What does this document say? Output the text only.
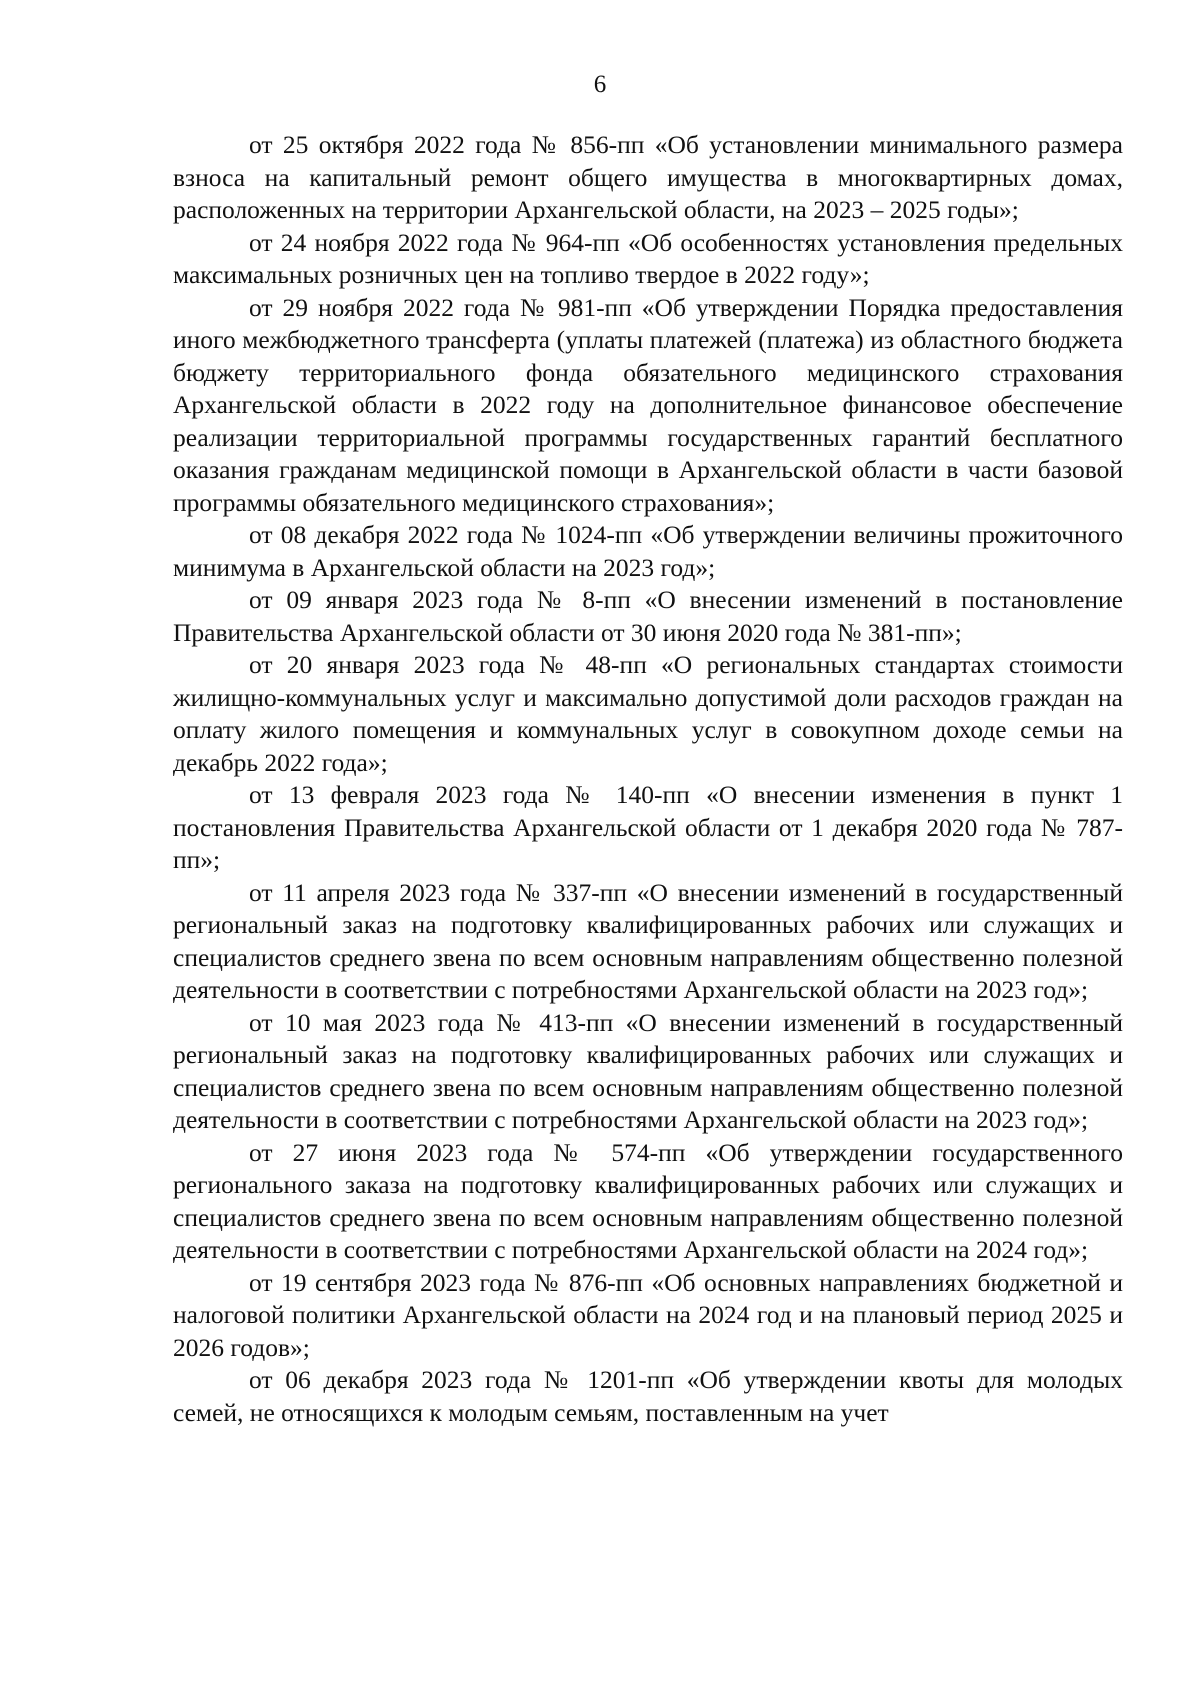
6

от 25 октября 2022 года № 856-пп «Об установлении минимального размера взноса на капитальный ремонт общего имущества в многоквартирных домах, расположенных на территории Архангельской области, на 2023 – 2025 годы»;

от 24 ноября 2022 года № 964-пп «Об особенностях установления предельных максимальных розничных цен на топливо твердое в 2022 году»;

от 29 ноября 2022 года № 981-пп «Об утверждении Порядка предоставления иного межбюджетного трансферта (уплаты платежей (платежа) из областного бюджета бюджету территориального фонда обязательного медицинского страхования Архангельской области в 2022 году на дополнительное финансовое обеспечение реализации территориальной программы государственных гарантий бесплатного оказания гражданам медицинской помощи в Архангельской области в части базовой программы обязательного медицинского страхования»;

от 08 декабря 2022 года № 1024-пп «Об утверждении величины прожиточного минимума в Архангельской области на 2023 год»;

от 09 января 2023 года № 8-пп «О внесении изменений в постановление Правительства Архангельской области от 30 июня 2020 года № 381-пп»;

от 20 января 2023 года № 48-пп «О региональных стандартах стоимости жилищно-коммунальных услуг и максимально допустимой доли расходов граждан на оплату жилого помещения и коммунальных услуг в совокупном доходе семьи на декабрь 2022 года»;

от 13 февраля 2023 года № 140-пп «О внесении изменения в пункт 1 постановления Правительства Архангельской области от 1 декабря 2020 года № 787-пп»;

от 11 апреля 2023 года № 337-пп «О внесении изменений в государственный региональный заказ на подготовку квалифицированных рабочих или служащих и специалистов среднего звена по всем основным направлениям общественно полезной деятельности в соответствии с потребностями Архангельской области на 2023 год»;

от 10 мая 2023 года № 413-пп «О внесении изменений в государственный региональный заказ на подготовку квалифицированных рабочих или служащих и специалистов среднего звена по всем основным направлениям общественно полезной деятельности в соответствии с потребностями Архангельской области на 2023 год»;

от 27 июня 2023 года № 574-пп «Об утверждении государственного регионального заказа на подготовку квалифицированных рабочих или служащих и специалистов среднего звена по всем основным направлениям общественно полезной деятельности в соответствии с потребностями Архангельской области на 2024 год»;

от 19 сентября 2023 года № 876-пп «Об основных направлениях бюджетной и налоговой политики Архангельской области на 2024 год и на плановый период 2025 и 2026 годов»;

от 06 декабря 2023 года № 1201-пп «Об утверждении квоты для молодых семей, не относящихся к молодым семьям, поставленным на учет
